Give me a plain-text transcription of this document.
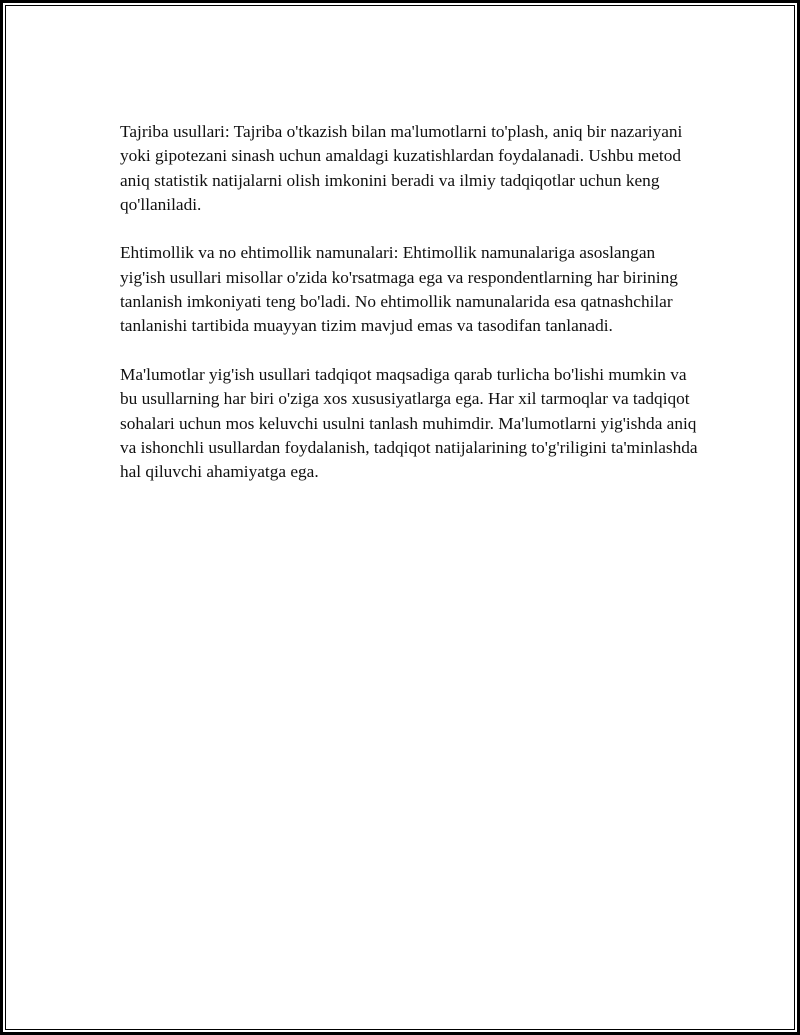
Tajriba usullari: Tajriba o'tkazish bilan ma'lumotlarni to'plash, aniq bir nazariyani yoki gipotezani sinash uchun amaldagi kuzatishlardan foydalanadi. Ushbu metod aniq statistik natijalarni olish imkonini beradi va ilmiy tadqiqotlar uchun keng qo'llaniladi.

Ehtimollik va no ehtimollik namunalari: Ehtimollik namunalariga asoslangan yig'ish usullari misollar o'zida ko'rsatmaga ega va respondentlarning har birining tanlanish imkoniyati teng bo'ladi. No ehtimollik namunalarida esa qatnashchilar tanlanishi tartibida muayyan tizim mavjud emas va tasodifan tanlanadi.

Ma'lumotlar yig'ish usullari tadqiqot maqsadiga qarab turlicha bo'lishi mumkin va bu usullarning har biri o'ziga xos xususiyatlarga ega. Har xil tarmoqlar va tadqiqot sohalari uchun mos keluvchi usulni tanlash muhimdir. Ma'lumotlarni yig'ishda aniq va ishonchli usullardan foydalanish, tadqiqot natijalarining to'g'riligini ta'minlashda hal qiluvchi ahamiyatga ega.
